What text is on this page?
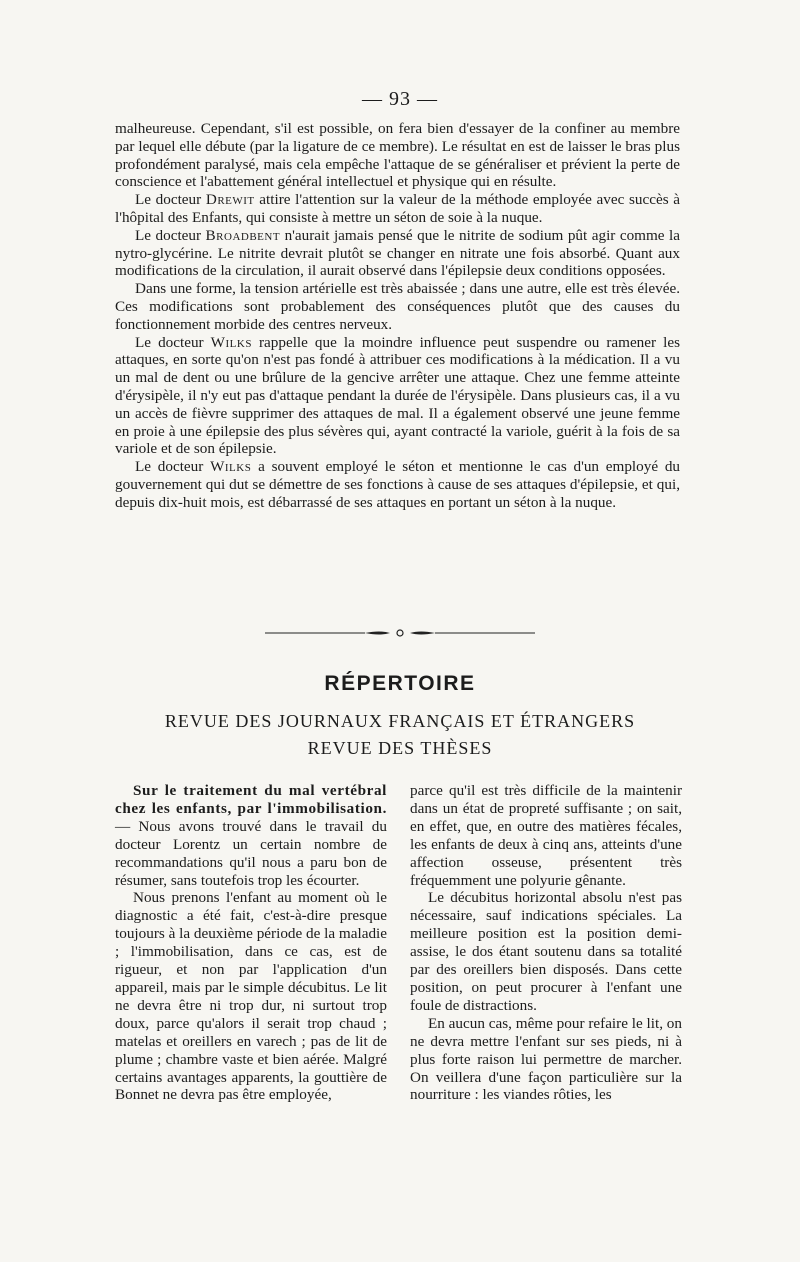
— 93 —

malheureuse. Cependant, s'il est possible, on fera bien d'essayer de la confiner au membre par lequel elle débute (par la ligature de ce membre). Le résultat en est de laisser le bras plus profondément paralysé, mais cela empêche l'attaque de se généraliser et prévient la perte de conscience et l'abattement général intellectuel et physique qui en résulte.

Le docteur Drewit attire l'attention sur la valeur de la méthode employée avec succès à l'hôpital des Enfants, qui consiste à mettre un séton de soie à la nuque.

Le docteur Broadbent n'aurait jamais pensé que le nitrite de sodium pût agir comme la nytro-glycérine. Le nitrite devrait plutôt se changer en nitrate une fois absorbé. Quant aux modifications de la circulation, il aurait observé dans l'épilepsie deux conditions opposées.

Dans une forme, la tension artérielle est très abaissée ; dans une autre, elle est très élevée. Ces modifications sont probablement des conséquences plutôt que des causes du fonctionnement morbide des centres nerveux.

Le docteur Wilks rappelle que la moindre influence peut suspendre ou ramener les attaques, en sorte qu'on n'est pas fondé à attribuer ces modifications à la médication. Il a vu un mal de dent ou une brûlure de la gencive arrêter une attaque. Chez une femme atteinte d'érysipèle, il n'y eut pas d'attaque pendant la durée de l'érysipèle. Dans plusieurs cas, il a vu un accès de fièvre supprimer des attaques de mal. Il a également observé une jeune femme en proie à une épilepsie des plus sévères qui, ayant contracté la variole, guérit à la fois de sa variole et de son épilepsie.

Le docteur Wilks a souvent employé le séton et mentionne le cas d'un employé du gouvernement qui dut se démettre de ses fonctions à cause de ses attaques d'épilepsie, et qui, depuis dix-huit mois, est débarrassé de ses attaques en portant un séton à la nuque.

RÉPERTOIRE
REVUE DES JOURNAUX FRANÇAIS ET ÉTRANGERS
REVUE DES THÈSES

Sur le traitement du mal vertébral chez les enfants, par l'immobilisation. — Nous avons trouvé dans le travail du docteur Lorentz un certain nombre de recommandations qu'il nous a paru bon de résumer, sans toutefois trop les écourter.

Nous prenons l'enfant au moment où le diagnostic a été fait, c'est-à-dire presque toujours à la deuxième période de la maladie ; l'immobilisation, dans ce cas, est de rigueur, et non par l'application d'un appareil, mais par le simple décubitus. Le lit ne devra être ni trop dur, ni surtout trop doux, parce qu'alors il serait trop chaud ; matelas et oreillers en varech ; pas de lit de plume ; chambre vaste et bien aérée. Malgré certains avantages apparents, la gouttière de Bonnet ne devra pas être employée,

parce qu'il est très difficile de la maintenir dans un état de propreté suffisante ; on sait, en effet, que, en outre des matières fécales, les enfants de deux à cinq ans, atteints d'une affection osseuse, présentent très fréquemment une polyurie gênante.

Le décubitus horizontal absolu n'est pas nécessaire, sauf indications spéciales. La meilleure position est la position demi-assise, le dos étant soutenu dans sa totalité par des oreillers bien disposés. Dans cette position, on peut procurer à l'enfant une foule de distractions.

En aucun cas, même pour refaire le lit, on ne devra mettre l'enfant sur ses pieds, ni à plus forte raison lui permettre de marcher. On veillera d'une façon particulière sur la nourriture : les viandes rôties, les
